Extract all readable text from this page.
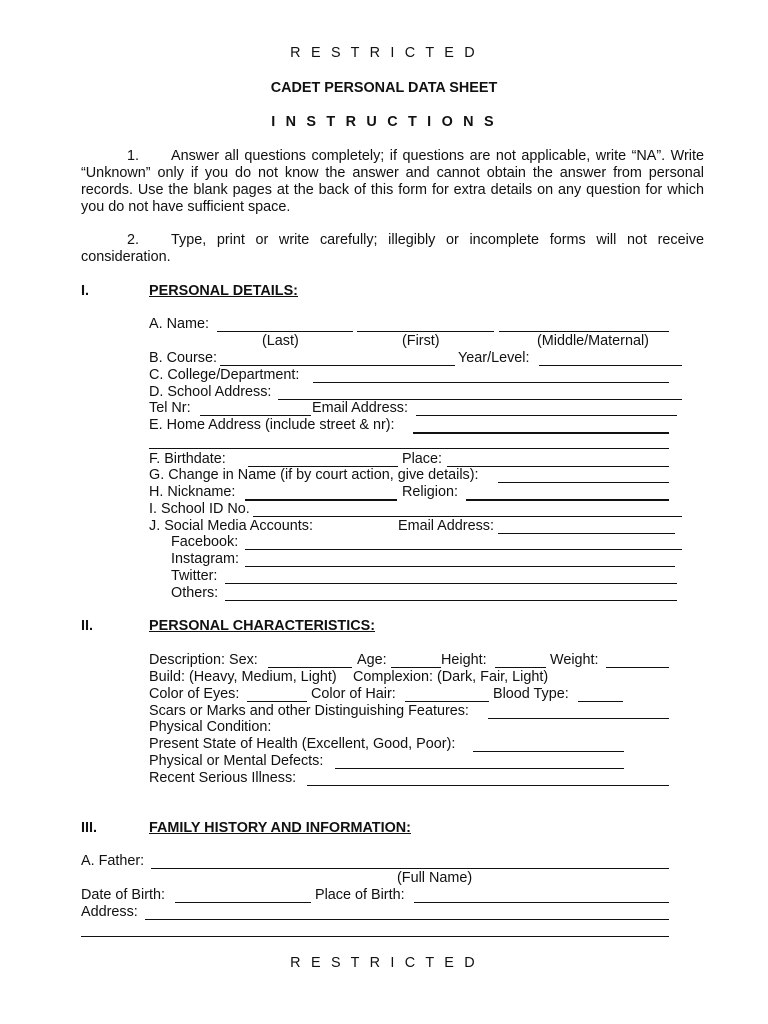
R E S T R I C T E D
CADET PERSONAL DATA SHEET
I N S T R U C T I O N S
1. Answer all questions completely; if questions are not applicable, write “NA”. Write
“Unknown” only if you do not know the answer and cannot obtain the answer from personal
records. Use the blank pages at the back of this form for extra details on any question for which
you do not have sufficient space.
2. Type, print or write carefully; illegibly or incomplete forms will not receive
consideration.
I.	PERSONAL DETAILS:
A. Name:
(Last)	(First)	(Middle/Maternal)
B. Course:	Year/Level:
C. College/Department:
D. School Address:
Tel Nr:	Email Address:
E. Home Address (include street & nr):
F. Birthdate:	Place:
G. Change in Name (if by court action, give details):
H. Nickname:	Religion:
I. School ID No.
J. Social Media Accounts:	Email Address:
Facebook:
Instagram:
Twitter:
Others:
II.	PERSONAL CHARACTERISTICS:
Description: Sex:	Age:	Height:	Weight:
Build: (Heavy, Medium, Light) Complexion: (Dark, Fair, Light)
Color of Eyes:	Color of Hair:	Blood Type:
Scars or Marks and other Distinguishing Features:
Physical Condition:
Present State of Health (Excellent, Good, Poor):
Physical or Mental Defects:
Recent Serious Illness:
III.	FAMILY HISTORY AND INFORMATION:
A. Father:
(Full Name)
Date of Birth:	Place of Birth:
Address:
R E S T R I C T E D
